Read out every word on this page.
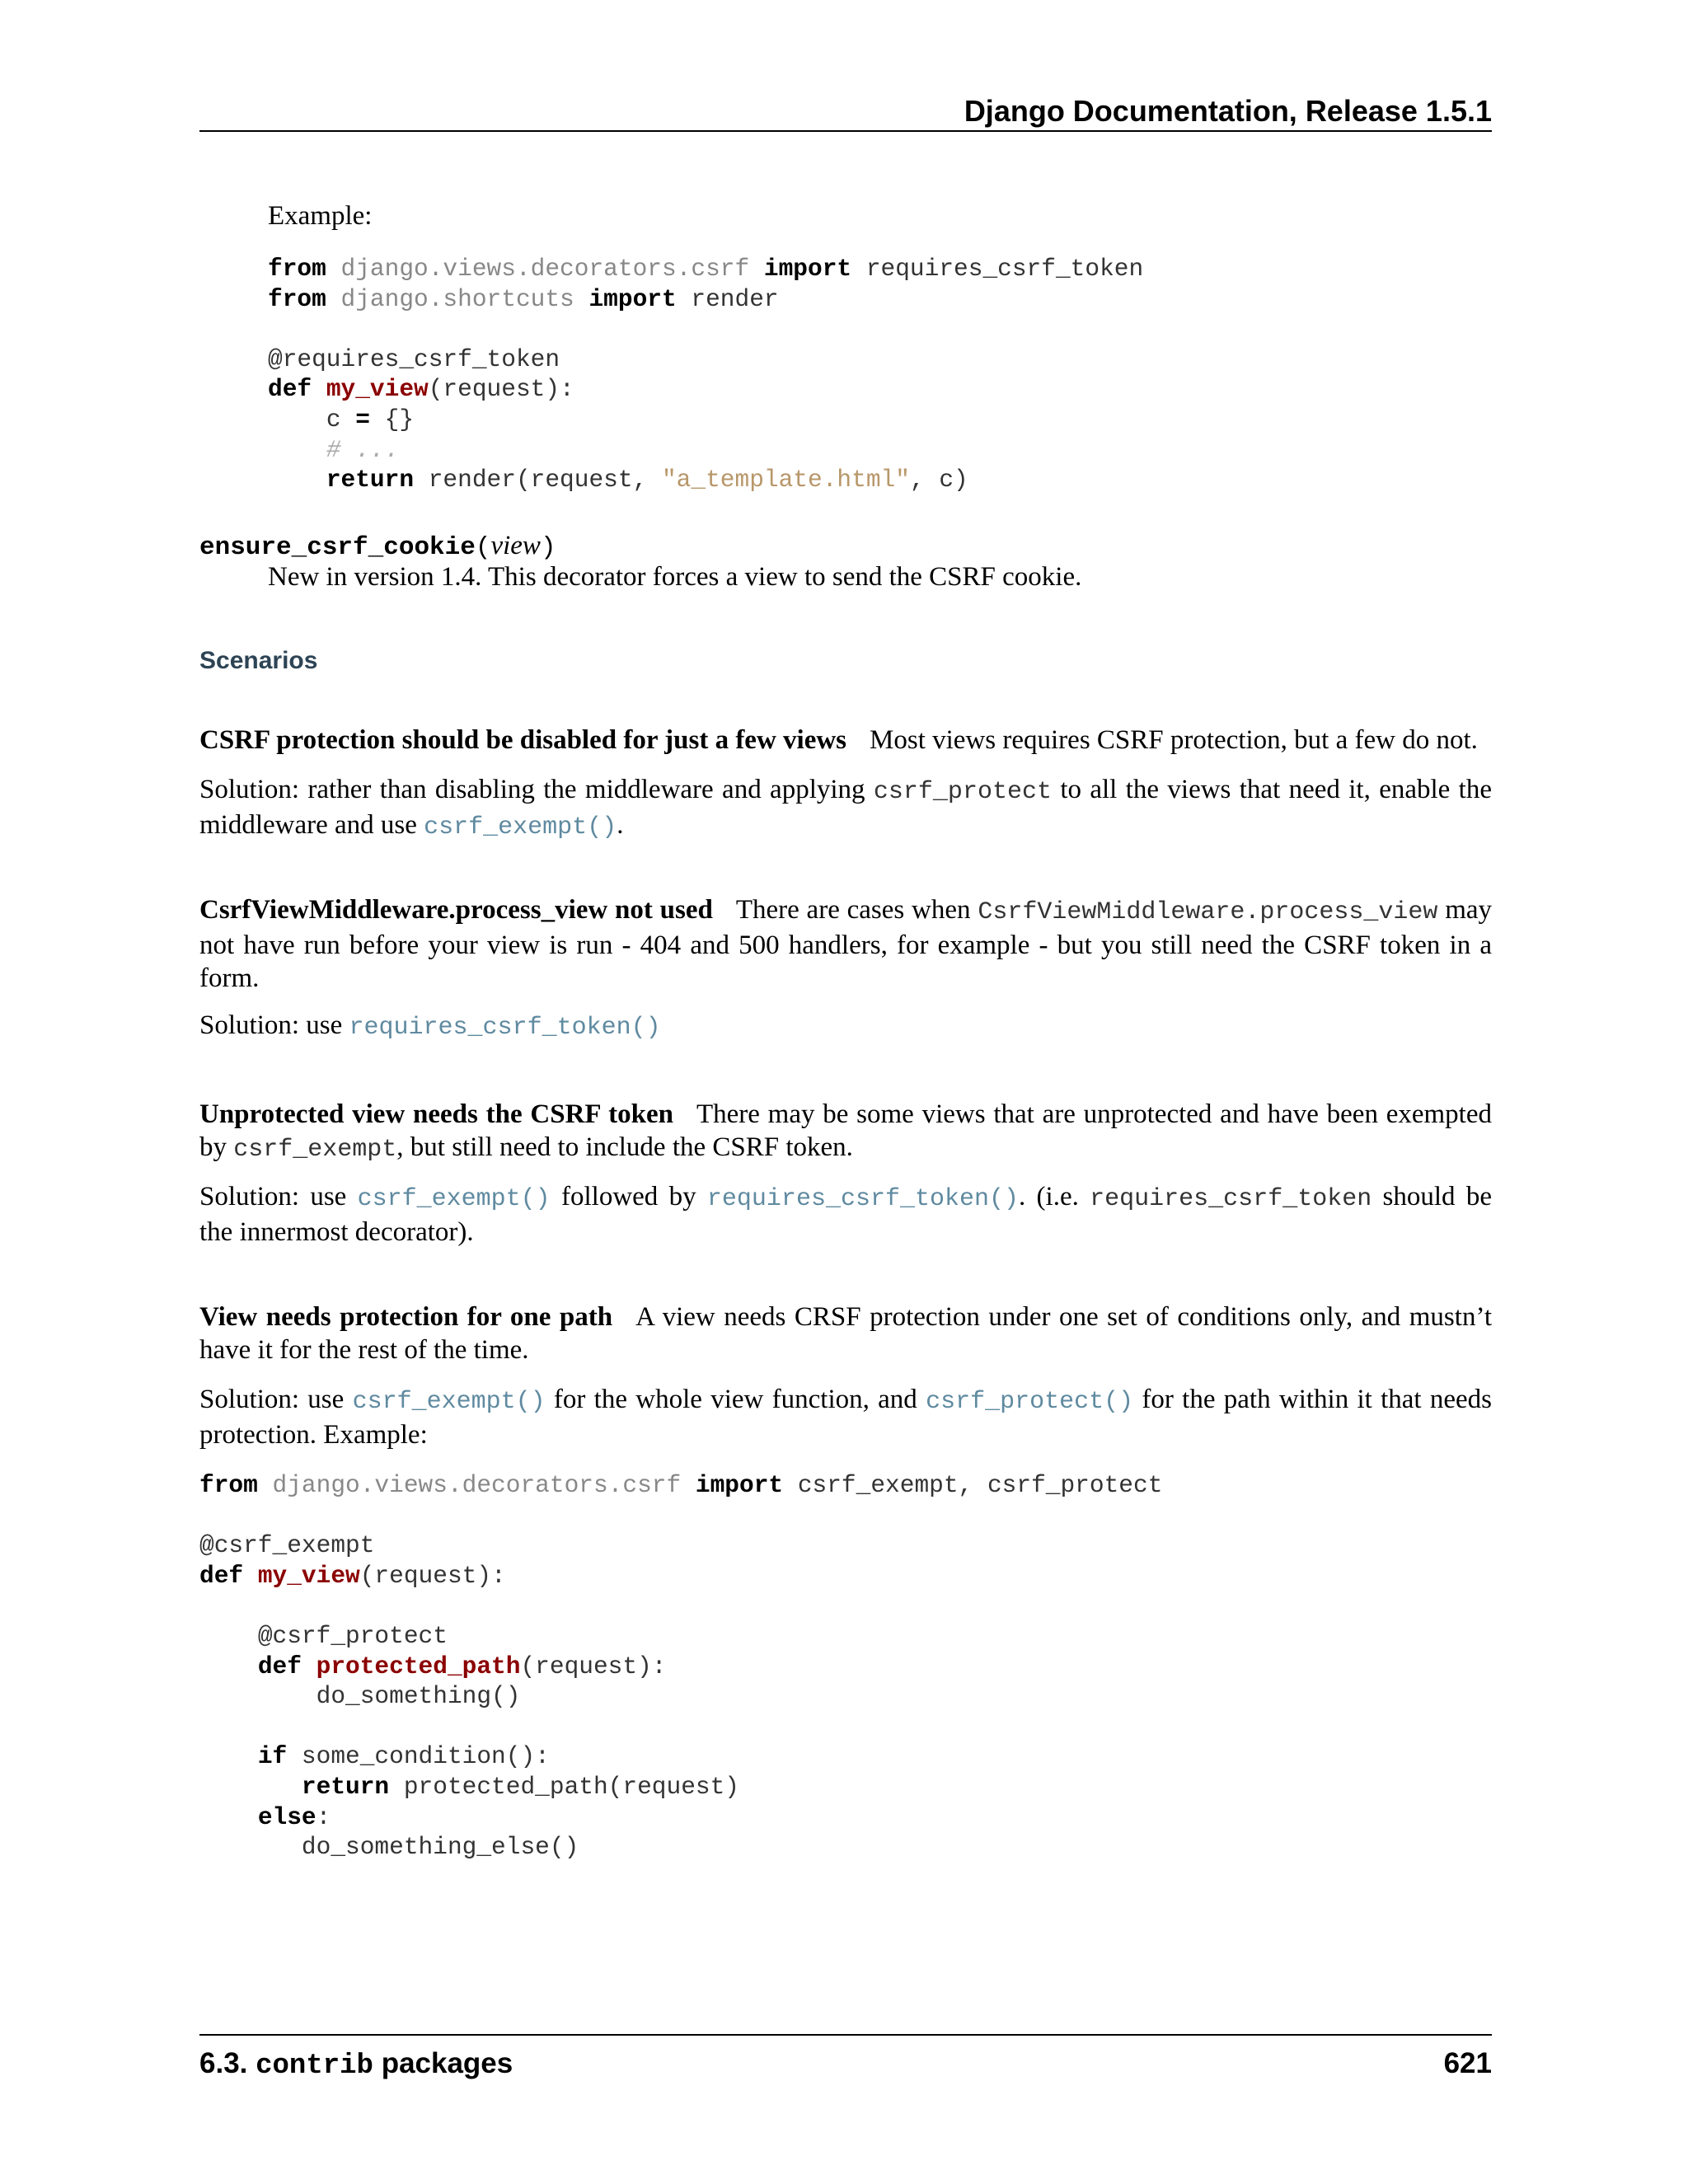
Django Documentation, Release 1.5.1
Example:
from django.views.decorators.csrf import requires_csrf_token
from django.shortcuts import render

@requires_csrf_token
def my_view(request):
c = {}
# ...
return render(request, "a_template.html", c)
ensure_csrf_cookie(view)
New in version 1.4. This decorator forces a view to send the CSRF cookie.
Scenarios
CSRF protection should be disabled for just a few views Most views requires CSRF protection, but a few do not.
Solution: rather than disabling the middleware and applying csrf_protect to all the views that need it, enable the middleware and use csrf_exempt().
CsrfViewMiddleware.process_view not used There are cases when CsrfViewMiddleware.process_view may not have run before your view is run - 404 and 500 handlers, for example - but you still need the CSRF token in a form.
Solution: use requires_csrf_token()
Unprotected view needs the CSRF token There may be some views that are unprotected and have been exempted by csrf_exempt, but still need to include the CSRF token.
Solution: use csrf_exempt() followed by requires_csrf_token(). (i.e. requires_csrf_token should be the innermost decorator).
View needs protection for one path A view needs CRSF protection under one set of conditions only, and mustn’t have it for the rest of the time.
Solution: use csrf_exempt() for the whole view function, and csrf_protect() for the path within it that needs protection. Example:
from django.views.decorators.csrf import csrf_exempt, csrf_protect

@csrf_exempt
def my_view(request):

@csrf_protect
def protected_path(request):
do_something()

if some_condition():
return protected_path(request)
else:
do_something_else()
6.3. contrib packages	621
